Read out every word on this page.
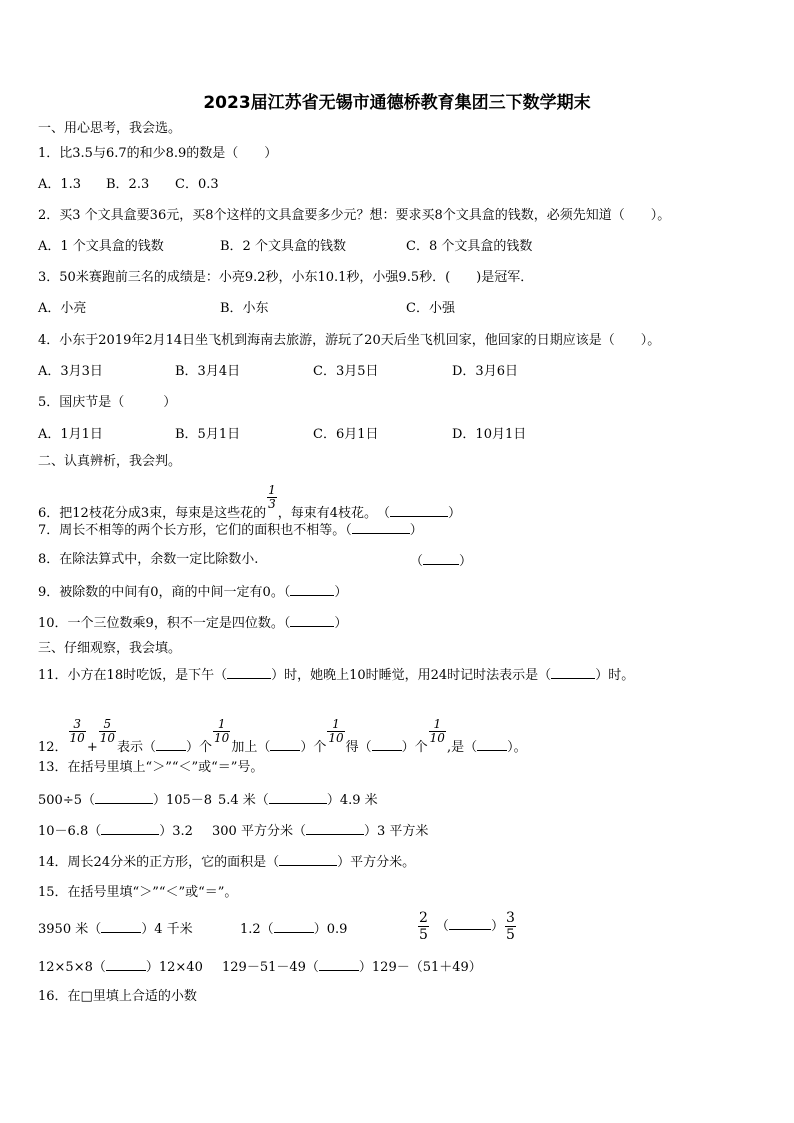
2023届江苏省无锡市通德桥教育集团三下数学期末
一、用心思考，我会选。
1．比3.5与6.7的和少8.9的数是（　　）
A．1.3 B．2.3 C．0.3
2．买3 个文具盒要36元，买8个这样的文具盒要多少元？想：要求买8个文具盒的钱数，必须先知道（　　）。
A．1 个文具盒的钱数	B．2 个文具盒的钱数	C．8 个文具盒的钱数
3．50米赛跑前三名的成绩是：小亮9.2秒，小东10.1秒，小强9.5秒．(　　)是冠军．
A．小亮	B．小东	C．小强
4．小东于2019年2月14日坐飞机到海南去旅游，游玩了20天后坐飞机回家，他回家的日期应该是（　　）。
A．3月3日	B．3月4日	C．3月5日	D．3月6日
5．国庆节是（　　　）
A．1月1日	B．5月1日	C．6月1日	D．10月1日
二、认真辨析，我会判。
6．把12枝花分成3束，每束是这些花的
$\frac{1}{3}$
，每束有4枝花。　（	）
7．周长不相等的两个长方形，它们的面积也不相等。（	）
8．在除法算式中，余数一定比除数小.	（	）
9．被除数的中间有0，商的中间一定有0。（	）
10．一个三位数乘9，积不一定是四位数。（	）
三、仔细观察，我会填。
11．小方在18时吃饭，是下午（	）时，她晚上10时睡觉，用24时记时法表示是（	）时。
12．
$\frac{3}{10}$
+
$\frac{5}{10}$
表示（ ）个
$\frac{1}{10}$
加上（ ）个
$\frac{1}{10}$
得（ ）个
$\frac{1}{10}$
,是（ ）。
13．在括号里填上“＞”“＜”或“＝”号。
500÷5（	）105－8 5.4 米（	）4.9 米
10－6.8（	）3.2 300 平方分米（	）3 平方米
14．周长24分米的正方形，它的面积是（	）平方分米。
15．在括号里填“＞”“＜”或“＝”。
3950 米（	）4 千米	1.2（	）0.9	$\frac{2}{5}$ （	） $\frac{3}{5}$
12×5×8（	）12×40 129－51－49（	）129－（51＋49）
16．在□里填上合适的小数
